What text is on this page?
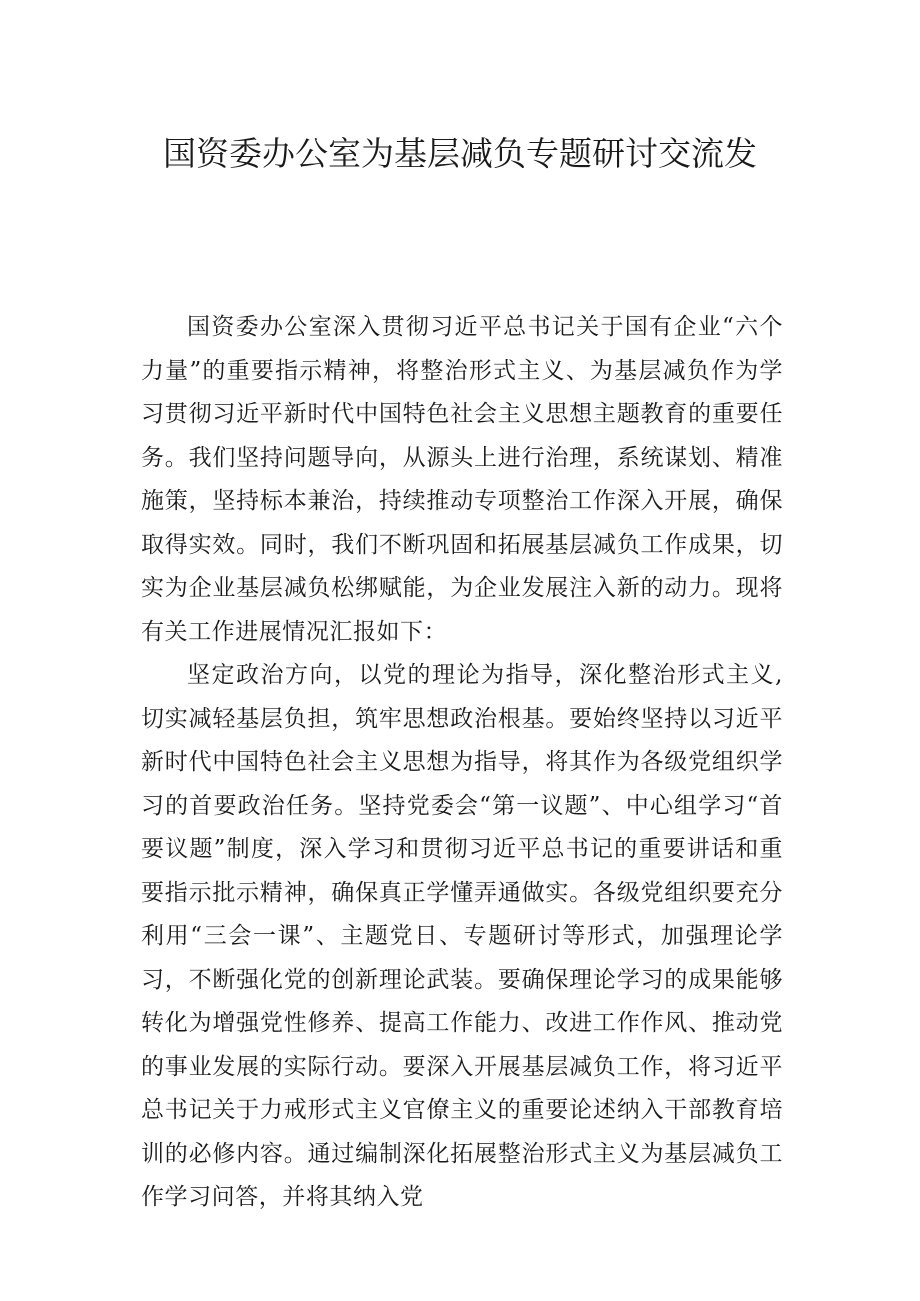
国资委办公室为基层减负专题研讨交流发

国资委办公室深入贯彻习近平总书记关于国有企业“六个力量”的重要指示精神，将整治形式主义、为基层减负作为学习贯彻习近平新时代中国特色社会主义思想主题教育的重要任务。我们坚持问题导向，从源头上进行治理，系统谋划、精准施策，坚持标本兼治，持续推动专项整治工作深入开展，确保取得实效。同时，我们不断巩固和拓展基层减负工作成果，切实为企业基层减负松绑赋能，为企业发展注入新的动力。现将有关工作进展情况汇报如下：

坚定政治方向，以党的理论为指导，深化整治形式主义,切实减轻基层负担，筑牢思想政治根基。要始终坚持以习近平新时代中国特色社会主义思想为指导，将其作为各级党组织学习的首要政治任务。坚持党委会“第一议题”、中心组学习“首要议题”制度，深入学习和贯彻习近平总书记的重要讲话和重要指示批示精神，确保真正学懂弄通做实。各级党组织要充分利用“三会一课”、主题党日、专题研讨等形式，加强理论学习，不断强化党的创新理论武装。要确保理论学习的成果能够转化为增强党性修养、提高工作能力、改进工作作风、推动党的事业发展的实际行动。要深入开展基层减负工作，将习近平总书记关于力戒形式主义官僚主义的重要论述纳入干部教育培训的必修内容。通过编制深化拓展整治形式主义为基层减负工作学习问答，并将其纳入党
